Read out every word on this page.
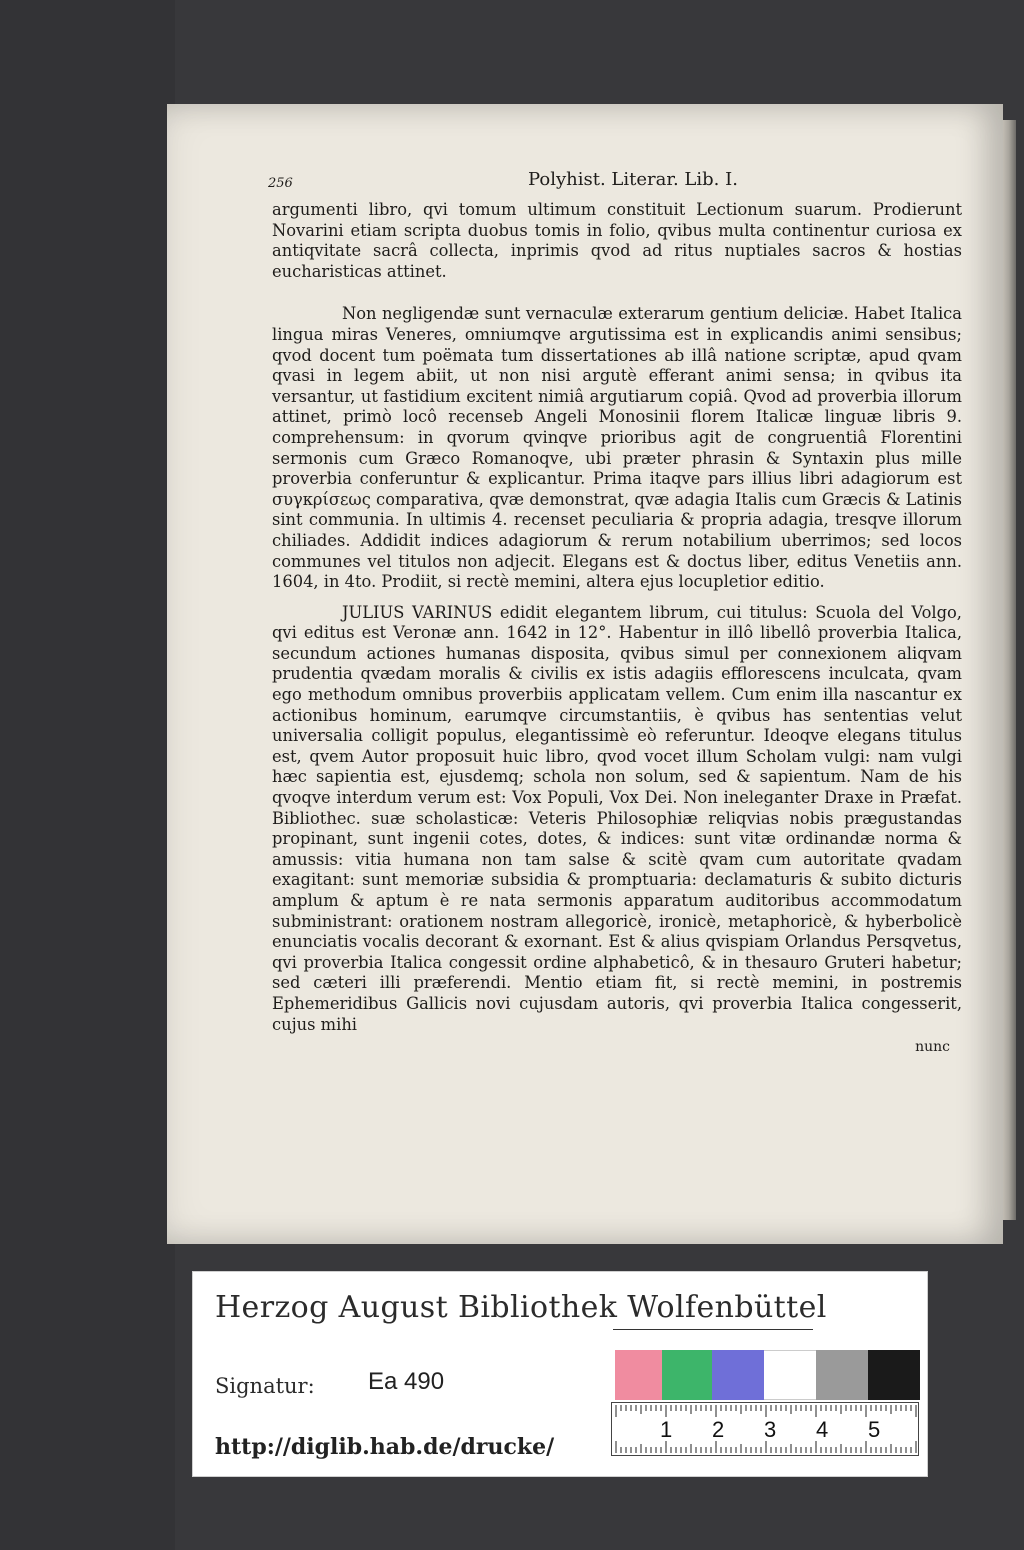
256	Polyhist. Literar. Lib. I.

argumenti libro, qvi tomum ultimum constituit Lectionum suarum. Prodierunt Novarini etiam scripta duobus tomis in folio, qvibus multa continentur curiosa ex antiqvitate sacrâ collecta, inprimis qvod ad ritus nuptiales sacros & hostias eucharisticas attinet.

Non negligendæ sunt vernaculæ exterarum gentium deliciæ. Habet Italica lingua miras Veneres, omniumqve argutissima est in explicandis animi sensibus; qvod docent tum poëmata tum dissertationes ab illâ natione scriptæ, apud qvam qvasi in legem abiit, ut non nisi argutè efferant animi sensa; in qvibus ita versantur, ut fastidium excitent nimiâ argutiarum copiâ. Qvod ad proverbia illorum attinet, primò locô recenseb Angeli Monosinii florem Italicæ linguæ libris 9. comprehensum: in qvorum qvinqve prioribus agit de congruentiâ Florentini sermonis cum Græco Romanoqve, ubi præter phrasin & Syntaxin plus mille proverbia conferuntur & explicantur. Prima itaqve pars illius libri adagiorum est συγκρίσεως comparativa, qvæ demonstrat, qvæ adagia Italis cum Græcis & Latinis sint communia. In ultimis 4. recenset peculiaria & propria adagia, tresqve illorum chiliades. Addidit indices adagiorum & rerum notabilium uberrimos; sed locos communes vel titulos non adjecit. Elegans est & doctus liber, editus Venetiis ann. 1604, in 4to. Prodiit, si rectè memini, altera ejus locupletior editio.

JULIUS VARINUS edidit elegantem librum, cui titulus: Scuola del Volgo, qvi editus est Veronæ ann. 1642 in 12°. Habentur in illô libellô proverbia Italica, secundum actiones humanas disposita, qvibus simul per connexionem aliqvam prudentia qvædam moralis & civilis ex istis adagiis efflorescens inculcata, qvam ego methodum omnibus proverbiis applicatam vellem. Cum enim illa nascantur ex actionibus hominum, earumqve circumstantiis, è qvibus has sententias velut universalia colligit populus, elegantissimè eò referuntur. Ideoqve elegans titulus est, qvem Autor proposuit huic libro, qvod vocet illum Scholam vulgi: nam vulgi hæc sapientia est, ejusdemq; schola non solum, sed & sapientum. Nam de his qvoqve interdum verum est: Vox Populi, Vox Dei. Non ineleganter Draxe in Præfat. Bibliothec. suæ scholasticæ: Veteris Philosophiæ reliqvias nobis prægustandas propinant, sunt ingenii cotes, dotes, & indices: sunt vitæ ordinandæ norma & amussis: vitia humana non tam salse & scitè qvam cum autoritate qvadam exagitant: sunt memoriæ subsidia & promptuaria: declamaturis & subito dicturis amplum & aptum è re nata sermonis apparatum auditoribus accommodatum subministrant: orationem nostram allegoricè, ironicè, metaphoricè, & hyberbolicè enunciatis vocalis decorant & exornant. Est & alius qvispiam Orlandus Persqvetus, qvi proverbia Italica congessit ordine alphabeticô, & in thesauro Gruteri habetur; sed cæteri illi præferendi. Mentio etiam fit, si rectè memini, in postremis Ephemeridibus Gallicis novi cujusdam autoris, qvi proverbia Italica congesserit, cujus mihi

nunc
Herzog August Bibliothek Wolfenbüttel
Signatur: Ea 490
http://diglib.hab.de/drucke/
1 2 3 4 5
